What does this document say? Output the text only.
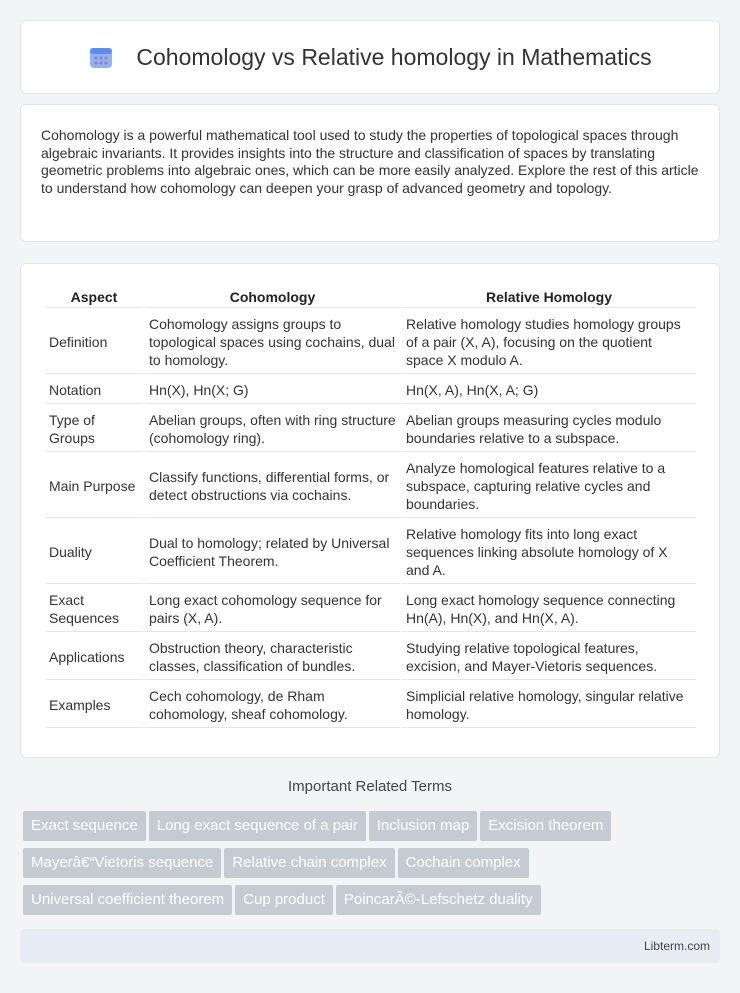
Cohomology vs Relative homology in Mathematics

Cohomology is a powerful mathematical tool used to study the properties of topological spaces through algebraic invariants. It provides insights into the structure and classification of spaces by translating geometric problems into algebraic ones, which can be more easily analyzed. Explore the rest of this article to understand how cohomology can deepen your grasp of advanced geometry and topology.

Aspect	Cohomology	Relative Homology
Definition	Cohomology assigns groups to topological spaces using cochains, dual to homology.	Relative homology studies homology groups of a pair (X, A), focusing on the quotient space X modulo A.
Notation	Hn(X), Hn(X; G)	Hn(X, A), Hn(X, A; G)
Type of Groups	Abelian groups, often with ring structure (cohomology ring).	Abelian groups measuring cycles modulo boundaries relative to a subspace.
Main Purpose	Classify functions, differential forms, or detect obstructions via cochains.	Analyze homological features relative to a subspace, capturing relative cycles and boundaries.
Duality	Dual to homology; related by Universal Coefficient Theorem.	Relative homology fits into long exact sequences linking absolute homology of X and A.
Exact Sequences	Long exact cohomology sequence for pairs (X, A).	Long exact homology sequence connecting Hn(A), Hn(X), and Hn(X, A).
Applications	Obstruction theory, characteristic classes, classification of bundles.	Studying relative topological features, excision, and Mayer-Vietoris sequences.
Examples	Cech cohomology, de Rham cohomology, sheaf cohomology.	Simplicial relative homology, singular relative homology.
Important Related Terms
Exact sequence Long exact sequence of a pair Inclusion map Excision theorem
Mayerâ€“Vietoris sequence Relative chain complex Cochain complex
Universal coefficient theorem Cup product PoincarÃ©-Lefschetz duality
Libterm.com
